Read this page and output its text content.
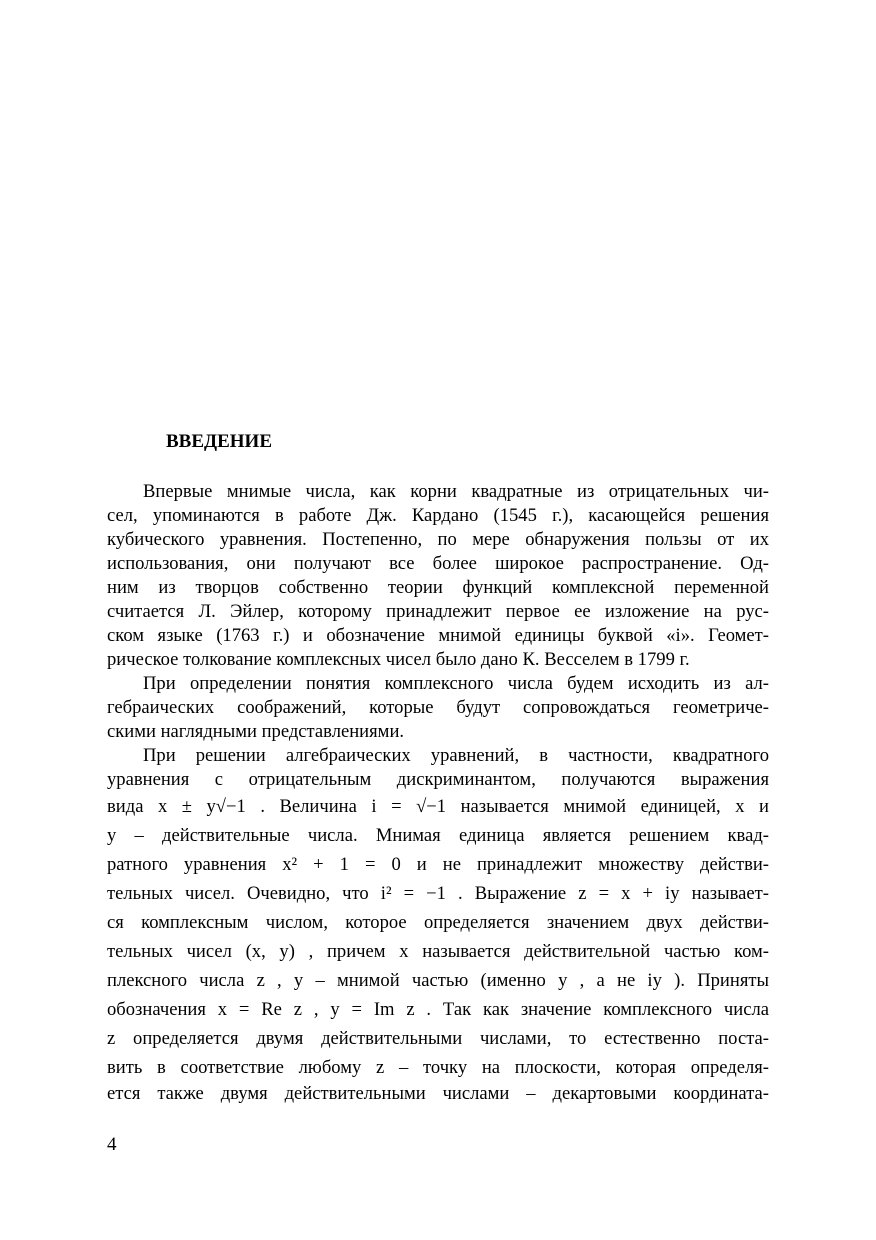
ВВЕДЕНИЕ
Впервые мнимые числа, как корни квадратные из отрицательных чи-
сел, упоминаются в работе Дж. Кардано (1545 г.), касающейся решения
кубического уравнения. Постепенно, по мере обнаружения пользы от их
использования, они получают все более широкое распространение. Од-
ним из творцов собственно теории функций комплексной переменной
считается Л. Эйлер, которому принадлежит первое ее изложение на рус-
ском языке (1763 г.) и обозначение мнимой единицы буквой «i». Геомет-
рическое толкование комплексных чисел было дано К. Весселем в 1799 г.
При определении понятия комплексного числа будем исходить из ал-
гебраических соображений, которые будут сопровождаться геометриче-
скими наглядными представлениями.
При решении алгебраических уравнений, в частности, квадратного
уравнения с отрицательным дискриминантом, получаются выражения
вида x ± y√−1 . Величина i = √−1 называется мнимой единицей, x и
y – действительные числа. Мнимая единица является решением квад-
ратного уравнения x² + 1 = 0 и не принадлежит множеству действи-
тельных чисел. Очевидно, что i² = −1 . Выражение z = x + iy называет-
ся комплексным числом, которое определяется значением двух действи-
тельных чисел (x, y) , причем x называется действительной частью ком-
плексного числа z , y – мнимой частью (именно y , а не iy ). Приняты
обозначения x = Re z , y = Im z . Так как значение комплексного числа
z определяется двумя действительными числами, то естественно поста-
вить в соответствие любому z – точку на плоскости, которая определя-
ется также двумя действительными числами – декартовыми координата-

4
